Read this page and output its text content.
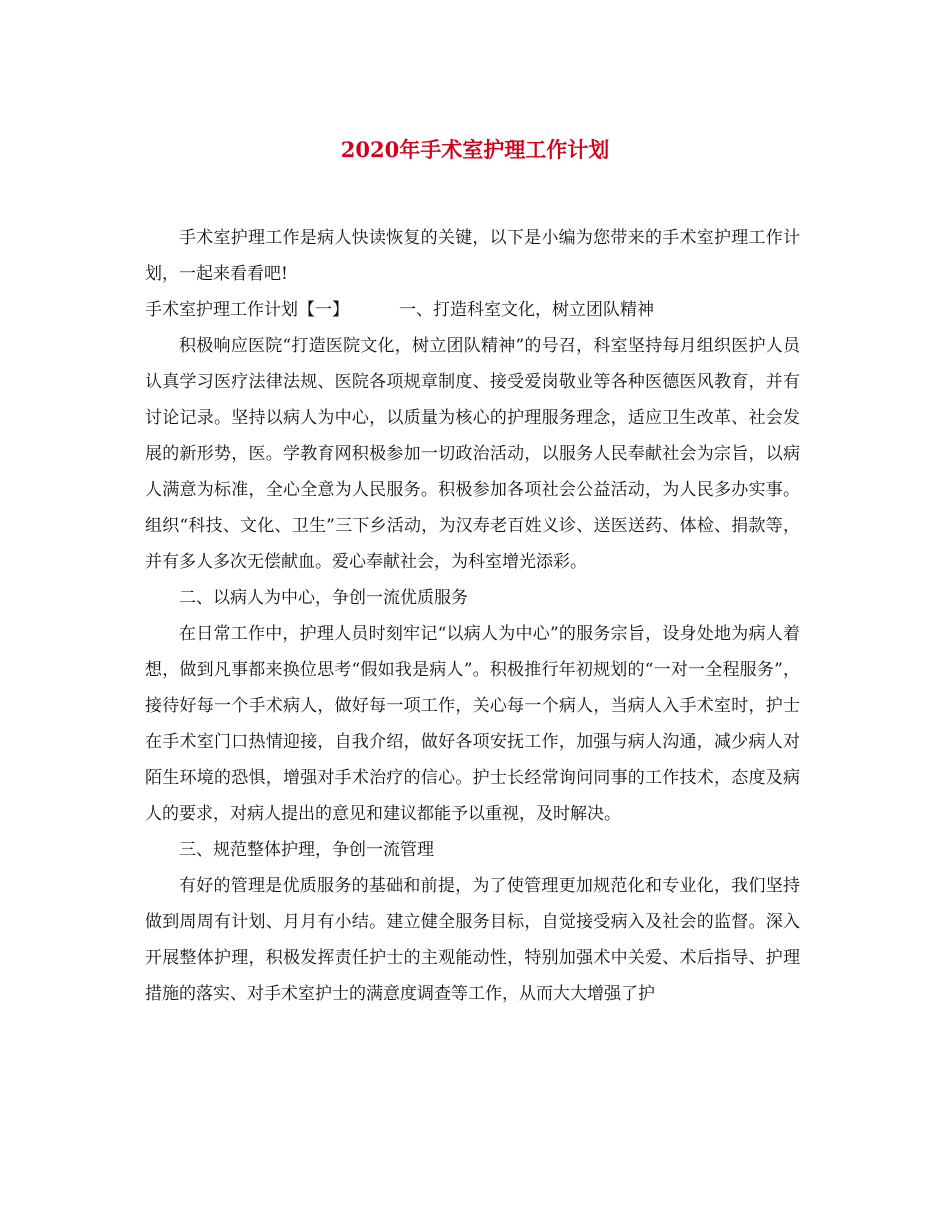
2020年手术室护理工作计划

手术室护理工作是病人快读恢复的关键，以下是小编为您带来的手术室护理工作计划，一起来看看吧!

手术室护理工作计划【一】	一、打造科室文化，树立团队精神

积极响应医院“打造医院文化，树立团队精神”的号召，科室坚持每月组织医护人员认真学习医疗法律法规、医院各项规章制度、接受爱岗敬业等各种医德医风教育，并有讨论记录。坚持以病人为中心，以质量为核心的护理服务理念，适应卫生改革、社会发展的新形势，医。学教育网积极参加一切政治活动，以服务人民奉献社会为宗旨，以病人满意为标准，全心全意为人民服务。积极参加各项社会公益活动，为人民多办实事。组织“科技、文化、卫生”三下乡活动，为汉寿老百姓义诊、送医送药、体检、捐款等，并有多人多次无偿献血。爱心奉献社会，为科室增光添彩。

二、以病人为中心，争创一流优质服务

在日常工作中，护理人员时刻牢记“以病人为中心”的服务宗旨，设身处地为病人着想，做到凡事都来换位思考“假如我是病人”。积极推行年初规划的“一对一全程服务”，接待好每一个手术病人，做好每一项工作，关心每一个病人，当病人入手术室时，护士在手术室门口热情迎接，自我介绍，做好各项安抚工作，加强与病人沟通，减少病人对陌生环境的恐惧，增强对手术治疗的信心。护士长经常询问同事的工作技术，态度及病人的要求，对病人提出的意见和建议都能予以重视，及时解决。

三、规范整体护理，争创一流管理

有好的管理是优质服务的基础和前提，为了使管理更加规范化和专业化，我们坚持做到周周有计划、月月有小结。建立健全服务目标，自觉接受病入及社会的监督。深入开展整体护理，积极发挥责任护士的主观能动性，特别加强术中关爱、术后指导、护理措施的落实、对手术室护士的满意度调查等工作，从而大大增强了护
